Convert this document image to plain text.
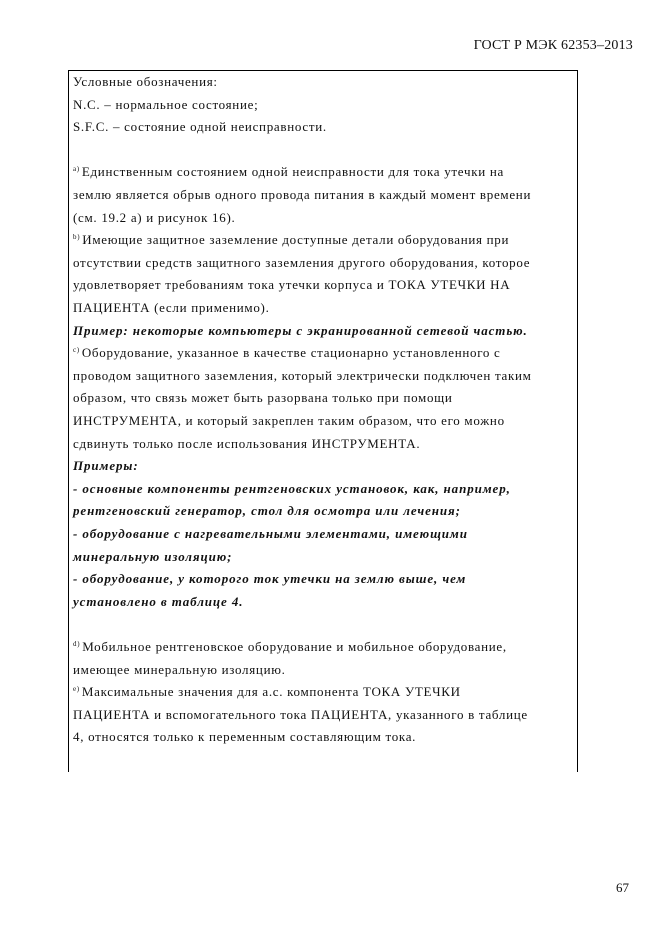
ГОСТ Р МЭК 62353–2013
Условные обозначения:
N.C. – нормальное состояние;
S.F.C. – состояние одной неисправности.
$^{a)}$ Единственным состоянием одной неисправности для тока утечки на
землю является обрыв одного провода питания в каждый момент времени
(см. 19.2 а) и рисунок 16).
$^{b)}$ Имеющие защитное заземление доступные детали оборудования при
отсутствии средств защитного заземления другого оборудования, которое
удовлетворяет требованиям тока утечки корпуса и ТОКА УТЕЧКИ НА
ПАЦИЕНТА (если применимо).
Пример: некоторые компьютеры с экранированной сетевой частью.
$^{c)}$ Оборудование, указанное в качестве стационарно установленного с
проводом защитного заземления, который электрически подключен таким
образом, что связь может быть разорвана только при помощи
ИНСТРУМЕНТА, и который закреплен таким образом, что его можно
сдвинуть только после использования ИНСТРУМЕНТА.
Примеры:
- основные компоненты рентгеновских установок, как, например,
рентгеновский генератор, стол для осмотра или лечения;
- оборудование с нагревательными элементами, имеющими
минеральную изоляцию;
- оборудование, у которого ток утечки на землю выше, чем
установлено в таблице 4.
$^{d)}$ Мобильное рентгеновское оборудование и мобильное оборудование,
имеющее минеральную изоляцию.
$^{e)}$ Максимальные значения для а.с. компонента ТОКА УТЕЧКИ
ПАЦИЕНТА и вспомогательного тока ПАЦИЕНТА, указанного в таблице
4, относятся только к переменным составляющим тока.
67
